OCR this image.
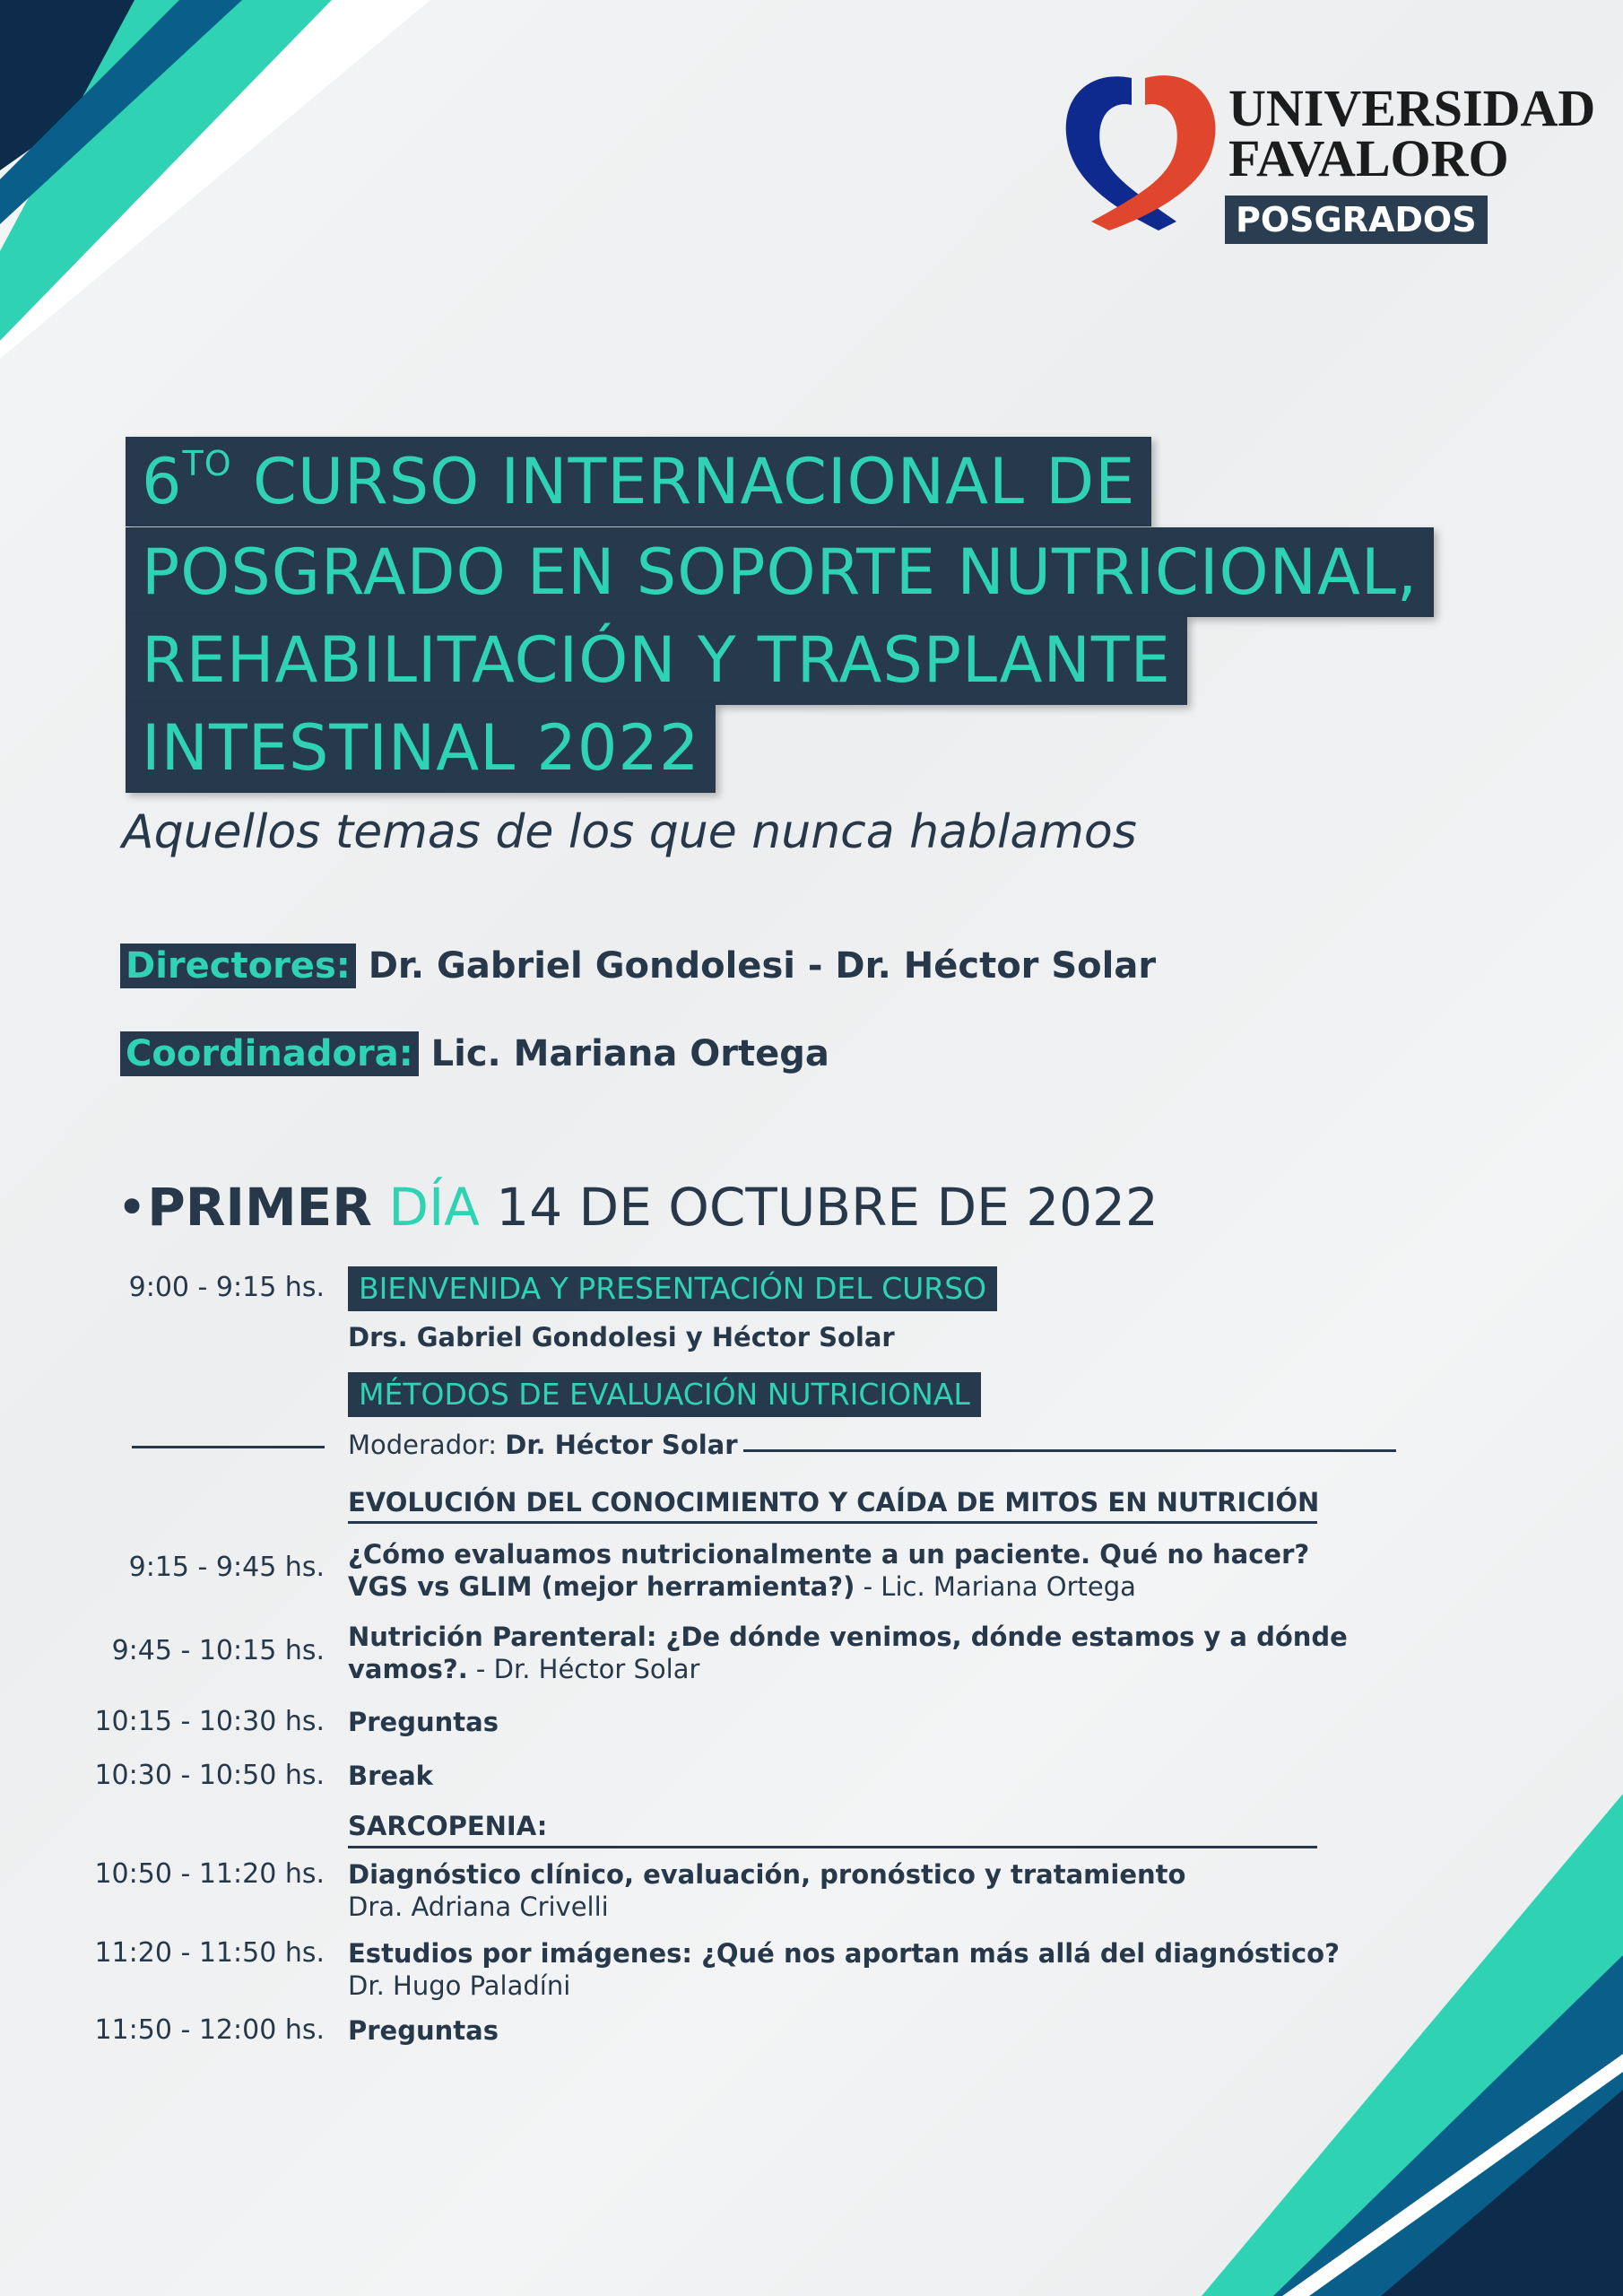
UNIVERSIDAD
FAVALORO
POSGRADOS
$6^{TO}$ CURSO INTERNACIONAL DE
POSGRADO EN SOPORTE NUTRICIONAL,
REHABILITACIÓN Y TRASPLANTE
INTESTINAL 2022
Aquellos temas de los que nunca hablamos
Directores: Dr. Gabriel Gondolesi - Dr. Héctor Solar
Coordinadora: Lic. Mariana Ortega
•PRIMER DÍA 14 DE OCTUBRE DE 2022
9:00 - 9:15 hs.	BIENVENIDA Y PRESENTACIÓN DEL CURSO
Drs. Gabriel Gondolesi y Héctor Solar
MÉTODOS DE EVALUACIÓN NUTRICIONAL
Moderador: Dr. Héctor Solar
EVOLUCIÓN DEL CONOCIMIENTO Y CAÍDA DE MITOS EN NUTRICIÓN
9:15 - 9:45 hs. ¿Cómo evaluamos nutricionalmente a un paciente. Qué no hacer?
VGS vs GLIM (mejor herramienta?) - Lic. Mariana Ortega
9:45 - 10:15 hs. Nutrición Parenteral: ¿De dónde venimos, dónde estamos y a dónde
vamos?. - Dr. Héctor Solar
10:15 - 10:30 hs. Preguntas
10:30 - 10:50 hs. Break
SARCOPENIA:
10:50 - 11:20 hs. Diagnóstico clínico, evaluación, pronóstico y tratamiento
Dra. Adriana Crivelli
11:20 - 11:50 hs. Estudios por imágenes: ¿Qué nos aportan más allá del diagnóstico?
Dr. Hugo Paladíni
11:50 - 12:00 hs. Preguntas
